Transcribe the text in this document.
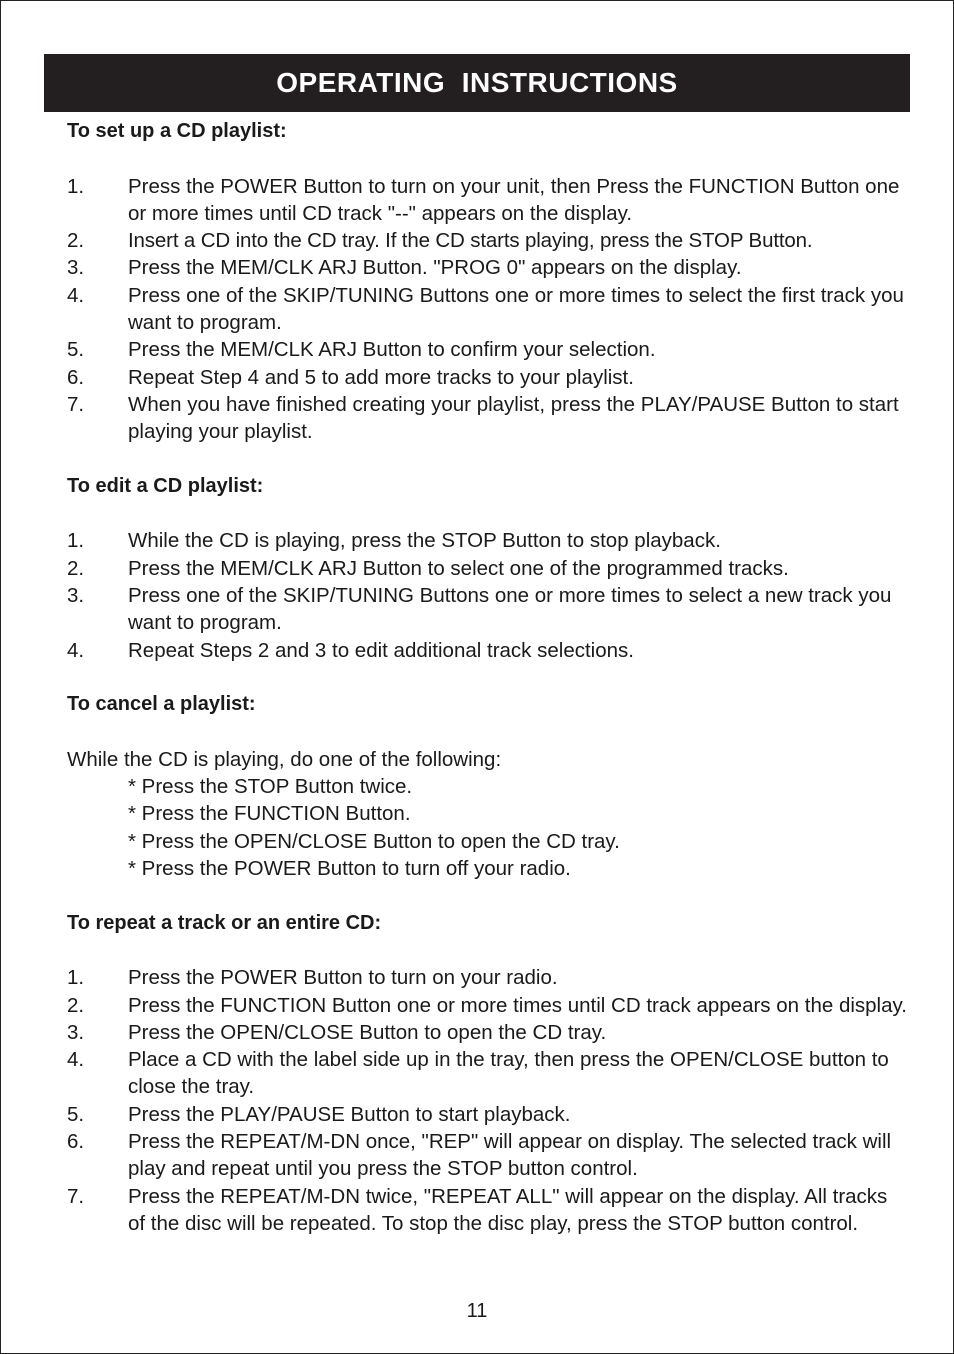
OPERATING  INSTRUCTIONS

To set up a CD playlist:

1.	Press the POWER Button to turn on your unit, then Press the FUNCTION Button one or more times until CD track "--" appears on the display.
2.	Insert a CD into the CD tray. If the CD starts playing, press the STOP Button.
3.	Press the MEM/CLK ARJ Button. "PROG 0" appears on the display.
4.	Press one of the SKIP/TUNING Buttons one or more times to select the first track you want to program.
5.	Press the MEM/CLK ARJ Button to confirm your selection.
6.	Repeat Step 4 and 5 to add more tracks to your playlist.
7.	When you have finished creating your playlist, press the PLAY/PAUSE Button to start playing your playlist.

To edit a CD playlist:

1.	While the CD is playing, press the STOP Button to stop playback.
2.	Press the MEM/CLK ARJ Button to select one of the programmed tracks.
3.	Press one of the SKIP/TUNING Buttons one or more times to select a new track you want to program.
4.	Repeat Steps 2 and 3 to edit additional track selections.

To cancel a playlist:

While the CD is playing, do one of the following:

* Press the STOP Button twice.

* Press the FUNCTION Button.

* Press the OPEN/CLOSE Button to open the CD tray.

* Press the POWER Button to turn off your radio.

To repeat a track or an entire CD:

1.	Press the POWER Button to turn on your radio.
2.	Press the FUNCTION Button one or more times until CD track appears on the display.
3.	Press the OPEN/CLOSE Button to open the CD tray.
4.	Place a CD with the label side up in the tray, then press the OPEN/CLOSE button to close the tray.
5.	Press the PLAY/PAUSE Button to start playback.
6.	Press the REPEAT/M-DN once, "REP" will appear on display. The selected track will play and repeat until you press the STOP button control.
7.	Press the REPEAT/M-DN twice, "REPEAT ALL" will appear on the display. All tracks of the disc will be repeated. To stop the disc play, press the STOP button control.
11
